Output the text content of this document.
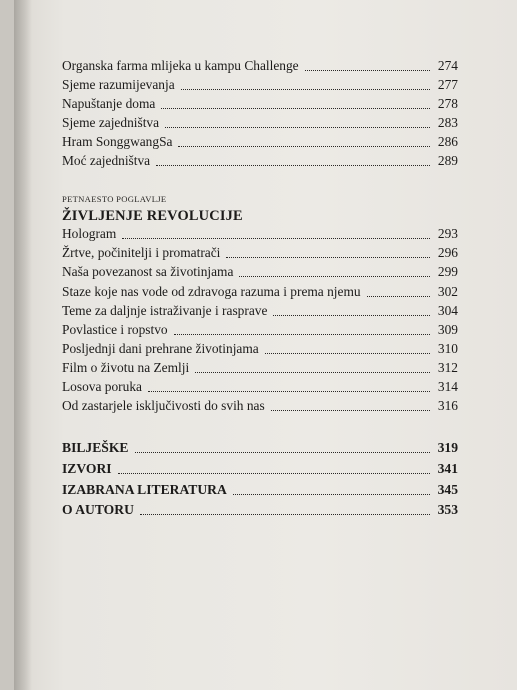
Organska farma mlijeka u kampu Challenge	274
Sjeme razumijevanja	277
Napuštanje doma	278
Sjeme zajedništva	283
Hram SonggwangSa	286
Moć zajedništva	289
PETNAESTO POGLAVLJE
ŽIVLJENJE REVOLUCIJE
Hologram	293
Žrtve, počinitelji i promatrači	296
Naša povezanost sa životinjama	299
Staze koje nas vode od zdravoga razuma i prema njemu	302
Teme za daljnje istraživanje i rasprave	304
Povlastice i ropstvo	309
Posljednji dani prehrane životinjama	310
Film o životu na Zemlji	312
Losova poruka	314
Od zastarjele isključivosti do svih nas	316
BILJEŠKE	319
IZVORI	341
IZABRANA LITERATURA	345
O AUTORU	353
